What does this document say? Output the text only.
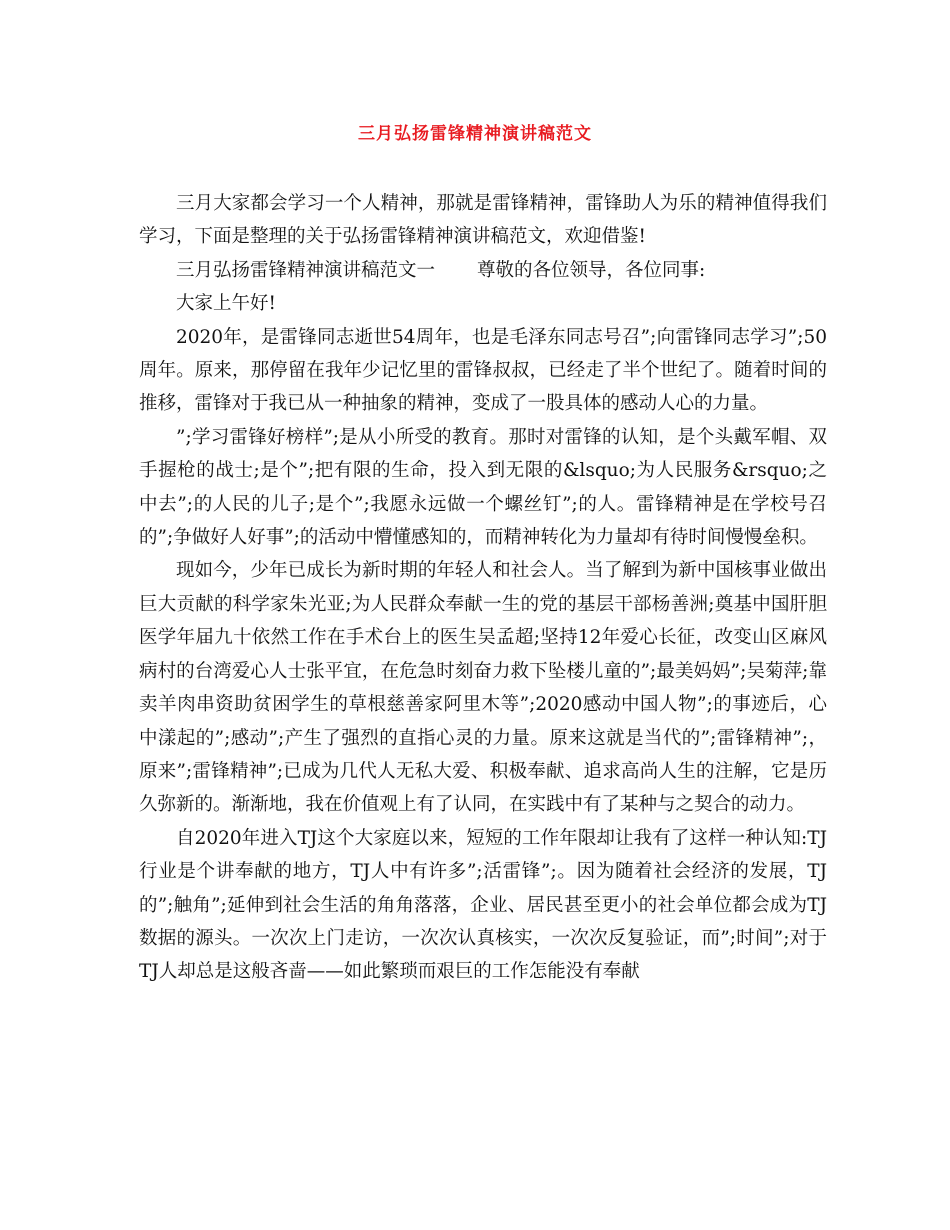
三月弘扬雷锋精神演讲稿范文

三月大家都会学习一个人精神，那就是雷锋精神，雷锋助人为乐的精神值得我们学习，下面是整理的关于弘扬雷锋精神演讲稿范文，欢迎借鉴!

三月弘扬雷锋精神演讲稿范文一 尊敬的各位领导，各位同事:

大家上午好!

2020年，是雷锋同志逝世54周年，也是毛泽东同志号召”;向雷锋同志学习”;50周年。原来，那停留在我年少记忆里的雷锋叔叔，已经走了半个世纪了。随着时间的推移，雷锋对于我已从一种抽象的精神，变成了一股具体的感动人心的力量。

”;学习雷锋好榜样”;是从小所受的教育。那时对雷锋的认知，是个头戴军帽、双手握枪的战士;是个”;把有限的生命，投入到无限的&lsquo;为人民服务&rsquo;之中去”;的人民的儿子;是个”;我愿永远做一个螺丝钉”;的人。雷锋精神是在学校号召的”;争做好人好事”;的活动中懵懂感知的，而精神转化为力量却有待时间慢慢垒积。

现如今，少年已成长为新时期的年轻人和社会人。当了解到为新中国核事业做出巨大贡献的科学家朱光亚;为人民群众奉献一生的党的基层干部杨善洲;奠基中国肝胆医学年届九十依然工作在手术台上的医生吴孟超;坚持12年爱心长征，改变山区麻风病村的台湾爱心人士张平宜，在危急时刻奋力救下坠楼儿童的”;最美妈妈”;吴菊萍;靠卖羊肉串资助贫困学生的草根慈善家阿里木等”;2020感动中国人物”;的事迹后，心中漾起的”;感动”;产生了强烈的直指心灵的力量。原来这就是当代的”;雷锋精神”;，原来”;雷锋精神”;已成为几代人无私大爱、积极奉献、追求高尚人生的注解，它是历久弥新的。渐渐地，我在价值观上有了认同，在实践中有了某种与之契合的动力。

自2020年进入TJ这个大家庭以来，短短的工作年限却让我有了这样一种认知:TJ行业是个讲奉献的地方，TJ人中有许多”;活雷锋”;。因为随着社会经济的发展，TJ的”;触角”;延伸到社会生活的角角落落，企业、居民甚至更小的社会单位都会成为TJ数据的源头。一次次上门走访，一次次认真核实，一次次反复验证，而”;时间”;对于TJ人却总是这般吝啬——如此繁琐而艰巨的工作怎能没有奉献
